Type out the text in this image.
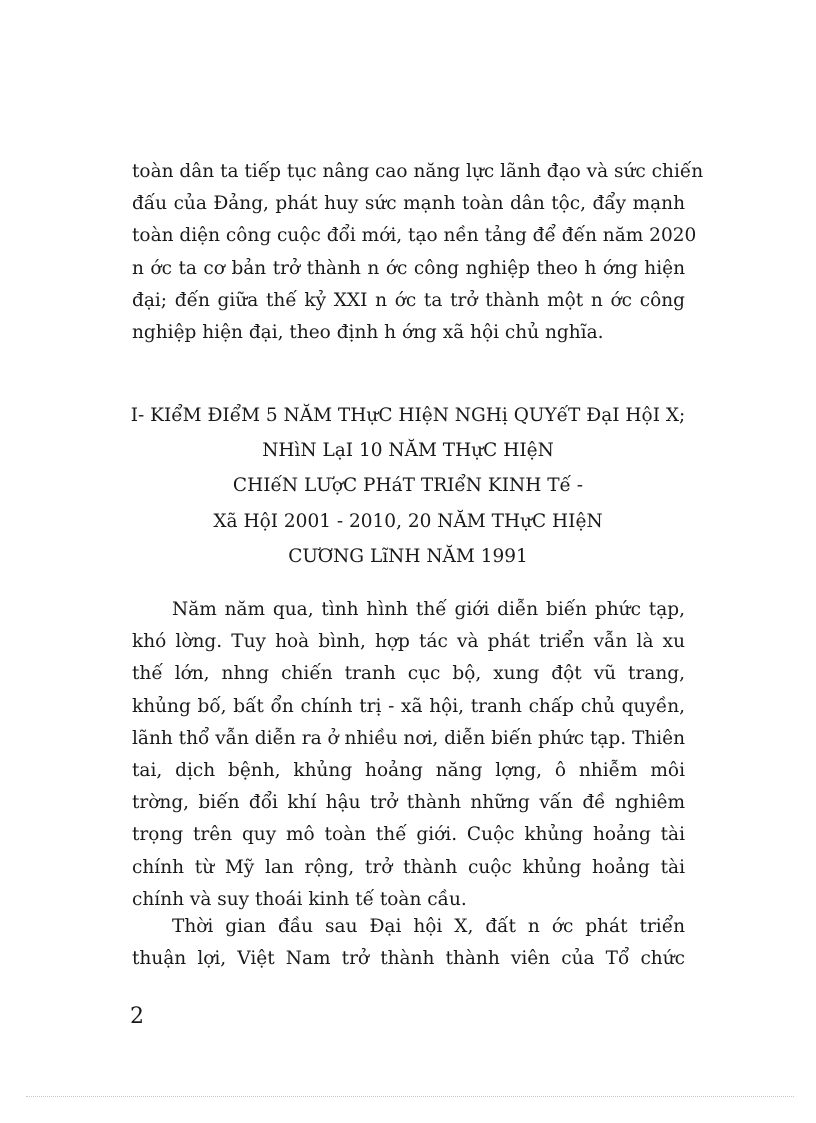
toàn dân ta tiếp tục nâng cao năng lực lãnh đạo và sức chiến
đấu của Đảng, phát huy sức mạnh toàn dân tộc, đẩy mạnh
toàn diện công cuộc đổi mới, tạo nền tảng để đến năm 2020
n ớc ta cơ bản trở thành n ớc công nghiệp theo h ớng hiện
đại; đến giữa thế kỷ XXI n ớc ta trở thành một n ớc công
nghiệp hiện đại, theo định h ớng xã hội chủ nghĩa.
I- KIểM ĐIểM 5 NĂM THựC HIệN NGHị QUYếT ĐạI HộI X;
NHìN LạI 10 NĂM THựC HIệN
CHIếN LƯợC PHáT TRIểN KINH Tế -
Xã HộI 2001 - 2010, 20 NĂM THựC HIệN
CƯƠNG LĩNH NĂM 1991
Năm năm qua, tình hình thế giới diễn biến phức tạp,
khó lờng. Tuy hoà bình, hợp tác và phát triển vẫn là xu
thế lớn, nhng chiến tranh cục bộ, xung đột vũ trang,
khủng bố, bất ổn chính trị - xã hội, tranh chấp chủ quyền,
lãnh thổ vẫn diễn ra ở nhiều nơi, diễn biến phức tạp. Thiên
tai, dịch bệnh, khủng hoảng năng lợng, ô nhiễm môi
trờng, biến đổi khí hậu trở thành những vấn đề nghiêm
trọng trên quy mô toàn thế giới. Cuộc khủng hoảng tài
chính từ Mỹ lan rộng, trở thành cuộc khủng hoảng tài
chính và suy thoái kinh tế toàn cầu.
Thời gian đầu sau Đại hội X, đất n ớc phát triển
thuận lợi, Việt Nam trở thành thành viên của Tổ chức
2
